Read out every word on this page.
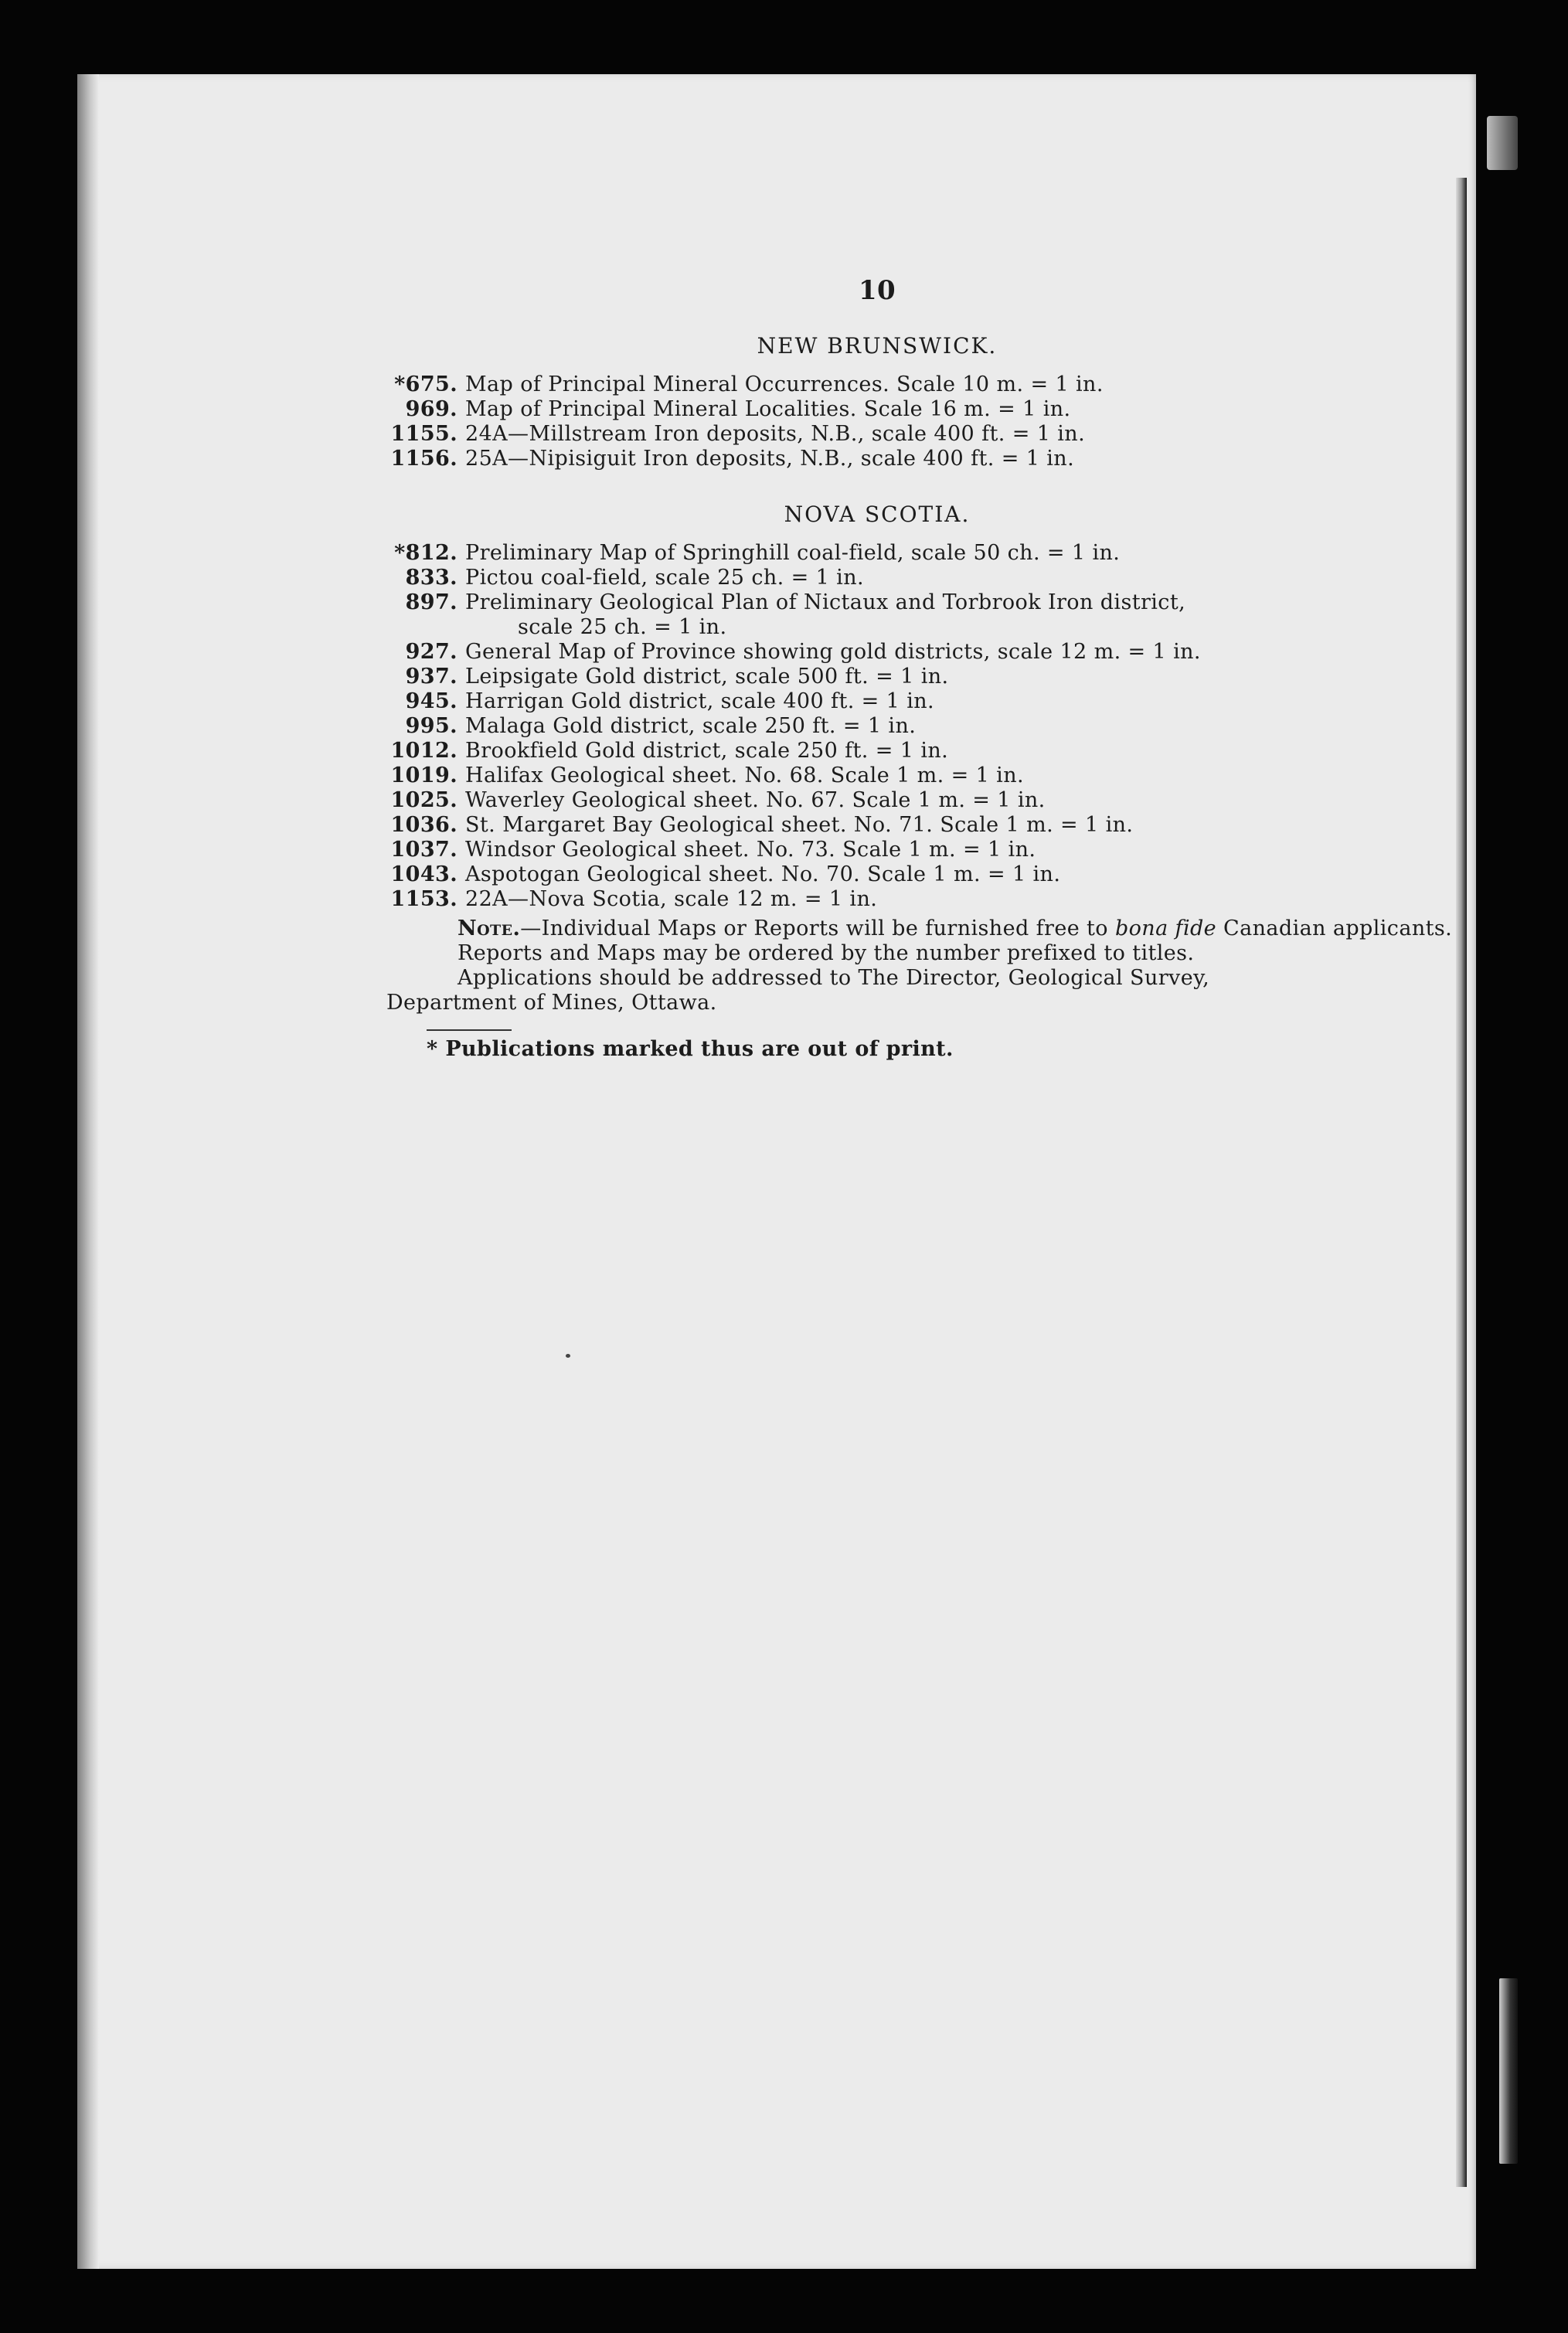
10
NEW BRUNSWICK.
*675. Map of Principal Mineral Occurrences. Scale 10 m. = 1 in.
969. Map of Principal Mineral Localities. Scale 16 m. = 1 in.
1155. 24A—Millstream Iron deposits, N.B., scale 400 ft. = 1 in.
1156. 25A—Nipisiguit Iron deposits, N.B., scale 400 ft. = 1 in.
NOVA SCOTIA.
*812. Preliminary Map of Springhill coal-field, scale 50 ch. = 1 in.
833. Pictou coal-field, scale 25 ch. = 1 in.
897. Preliminary Geological Plan of Nictaux and Torbrook Iron district,
scale 25 ch. = 1 in.
927. General Map of Province showing gold districts, scale 12 m. = 1 in.
937. Leipsigate Gold district, scale 500 ft. = 1 in.
945. Harrigan Gold district, scale 400 ft. = 1 in.
995. Malaga Gold district, scale 250 ft. = 1 in.
1012. Brookfield Gold district, scale 250 ft. = 1 in.
1019. Halifax Geological sheet. No. 68. Scale 1 m. = 1 in.
1025. Waverley Geological sheet. No. 67. Scale 1 m. = 1 in.
1036. St. Margaret Bay Geological sheet. No. 71. Scale 1 m. = 1 in.
1037. Windsor Geological sheet. No. 73. Scale 1 m. = 1 in.
1043. Aspotogan Geological sheet. No. 70. Scale 1 m. = 1 in.
1153. 22A—Nova Scotia, scale 12 m. = 1 in.
Note.—Individual Maps or Reports will be furnished free to bona fide Canadian applicants.
Reports and Maps may be ordered by the number prefixed to titles.
Applications should be addressed to The Director, Geological Survey,
Department of Mines, Ottawa.
* Publications marked thus are out of print.
